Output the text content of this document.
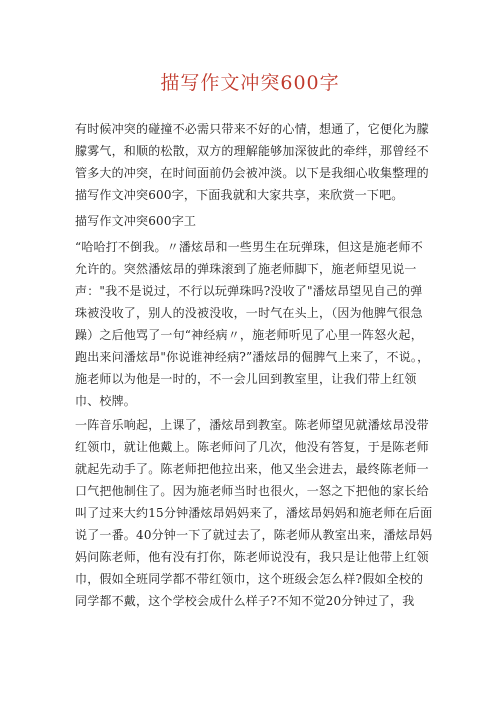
描写作文冲突600字

有时候冲突的碰撞不必需只带来不好的心情，想通了，它便化为朦朦雾气，和顺的松散，双方的理解能够加深彼此的牵绊，那曾经不管多大的冲突，在时间面前仍会被冲淡。以下是我细心收集整理的描写作文冲突600字，下面我就和大家共享，来欣赏一下吧。

描写作文冲突600字工

“哈哈打不倒我。〃潘炫昂和一些男生在玩弹珠，但这是施老师不允许的。突然潘炫昂的弹珠滚到了施老师脚下，施老师望见说一声："我不是说过，不行以玩弹珠吗?没收了"潘炫昂望见自己的弹珠被没收了，别人的没被没收，一时气在头上，（因为他脾气很急躁）之后他骂了一句“神经病〃，施老师听见了心里一阵怒火起，跑出来问潘炫昂"你说谁神经病?”潘炫昂的倔脾气上来了，不说。，施老师以为他是一时的，不一会儿回到教室里，让我们带上红领巾、校牌。

一阵音乐响起，上课了，潘炫昂到教室。陈老师望见就潘炫昂没带红领巾，就让他戴上。陈老师问了几次，他没有答复，于是陈老师就起先动手了。陈老师把他拉出来，他又坐会进去，最终陈老师一口气把他制住了。因为施老师当时也很火，一怒之下把他的家长给叫了过来大约15分钟潘炫昂妈妈来了，潘炫昂妈妈和施老师在后面说了一番。40分钟一下了就过去了，陈老师从教室出来，潘炫昂妈妈问陈老师，他有没有打你，陈老师说没有，我只是让他带上红领巾，假如全班同学都不带红领巾，这个班级会怎么样?假如全校的同学都不戴，这个学校会成什么样子?不知不觉20分钟过了，我
